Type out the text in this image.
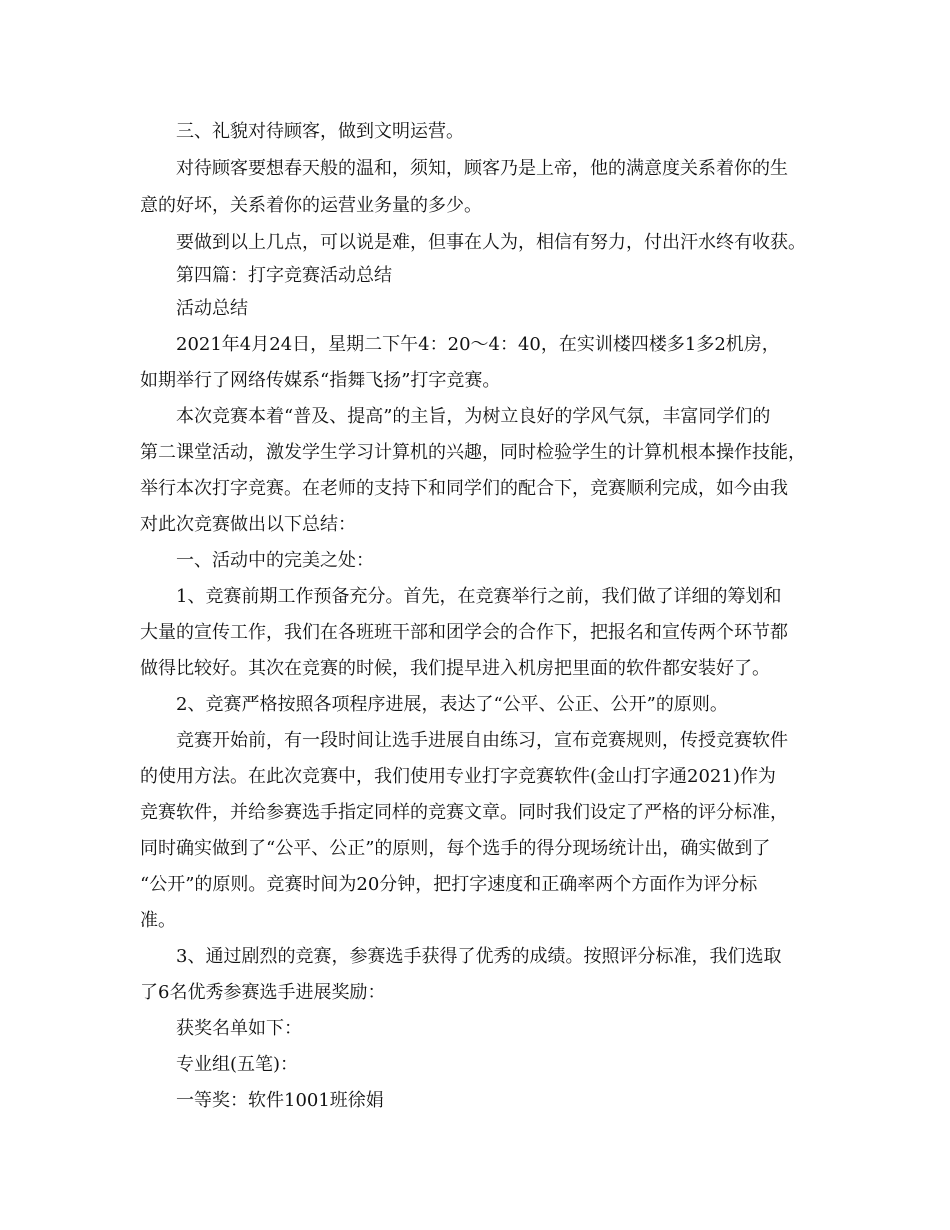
三、礼貌对待顾客，做到文明运营。

对待顾客要想春天般的温和，须知，顾客乃是上帝，他的满意度关系着你的生

意的好坏，关系着你的运营业务量的多少。

要做到以上几点，可以说是难，但事在人为，相信有努力，付出汗水终有收获。

第四篇：打字竞赛活动总结

活动总结

2021年4月24日，星期二下午4：20～4：40，在实训楼四楼多1多2机房，

如期举行了网络传媒系“指舞飞扬”打字竞赛。

本次竞赛本着“普及、提高”的主旨，为树立良好的学风气氛，丰富同学们的

第二课堂活动，激发学生学习计算机的兴趣，同时检验学生的计算机根本操作技能，

举行本次打字竞赛。在老师的支持下和同学们的配合下，竞赛顺利完成，如今由我

对此次竞赛做出以下总结：

一、活动中的完美之处：

1、竞赛前期工作预备充分。首先，在竞赛举行之前，我们做了详细的筹划和

大量的宣传工作，我们在各班班干部和团学会的合作下，把报名和宣传两个环节都

做得比较好。其次在竞赛的时候，我们提早进入机房把里面的软件都安装好了。

2、竞赛严格按照各项程序进展，表达了“公平、公正、公开”的原则。

竞赛开始前，有一段时间让选手进展自由练习，宣布竞赛规则，传授竞赛软件

的使用方法。在此次竞赛中，我们使用专业打字竞赛软件(金山打字通2021)作为

竞赛软件，并给参赛选手指定同样的竞赛文章。同时我们设定了严格的评分标准，

同时确实做到了“公平、公正”的原则，每个选手的得分现场统计出，确实做到了

“公开”的原则。竞赛时间为20分钟，把打字速度和正确率两个方面作为评分标

准。

3、通过剧烈的竞赛，参赛选手获得了优秀的成绩。按照评分标准，我们选取

了6名优秀参赛选手进展奖励：

获奖名单如下：

专业组(五笔)：

一等奖：软件1001班徐娟
